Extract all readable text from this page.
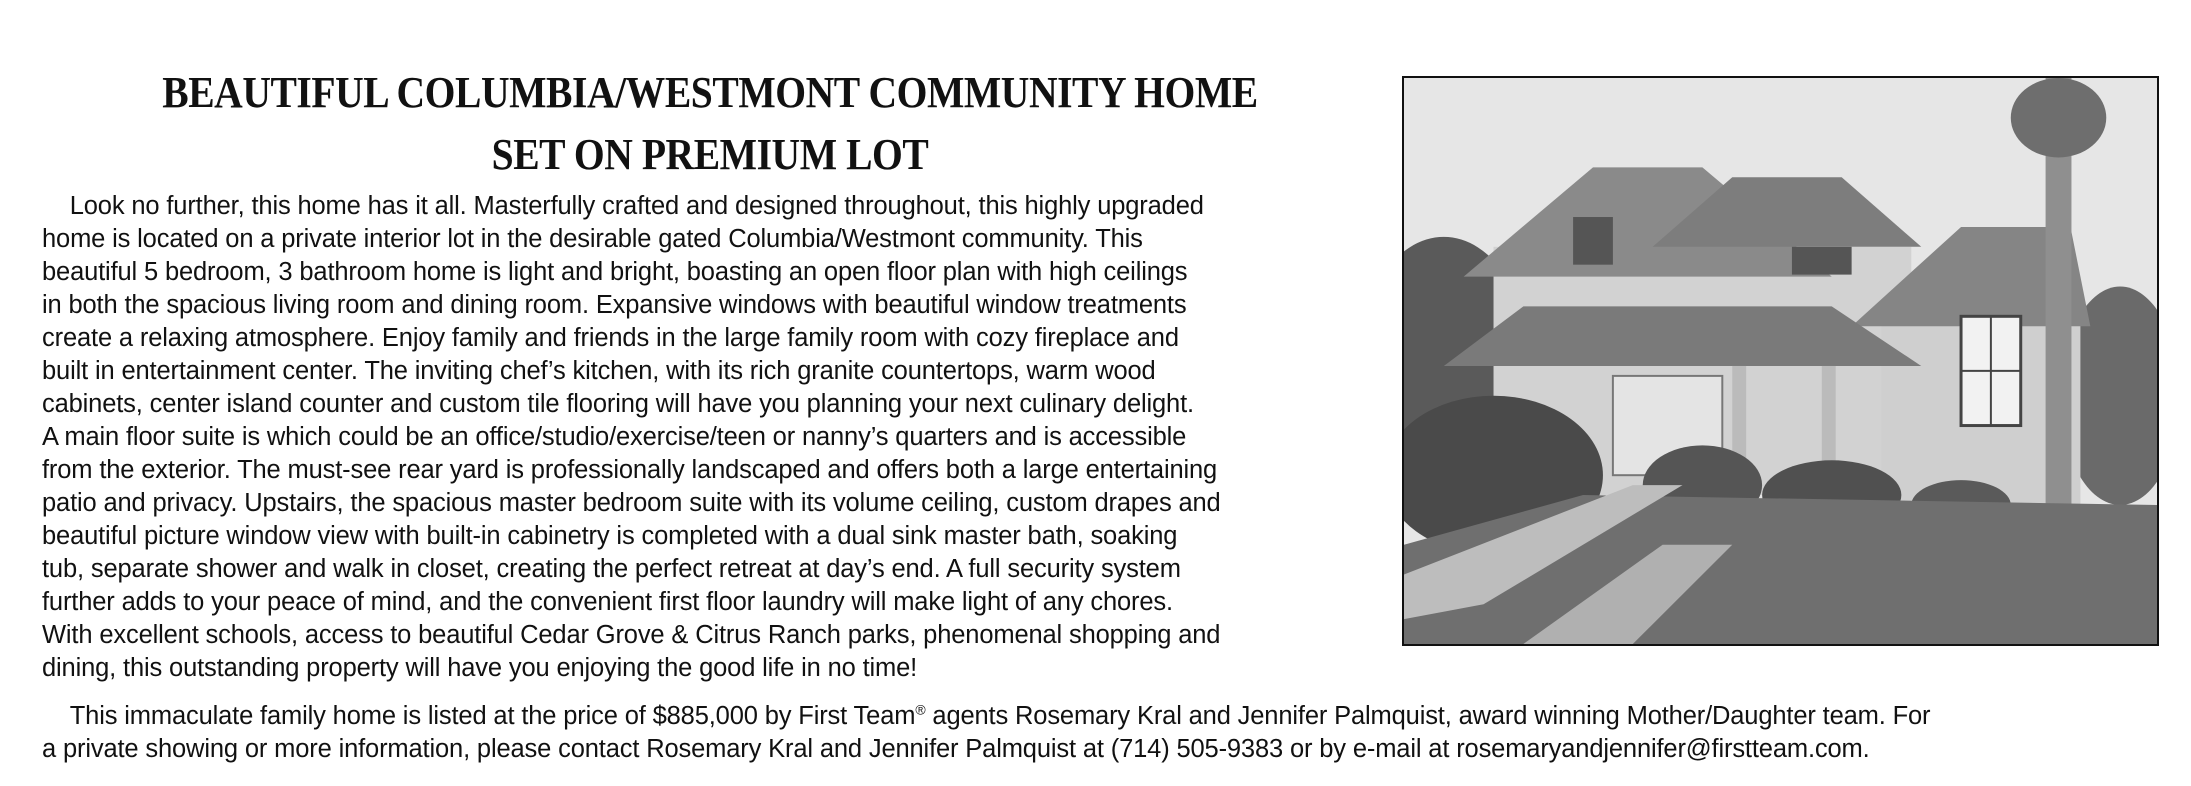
BEAUTIFUL COLUMBIA/WESTMONT COMMUNITY HOME
SET ON PREMIUM LOT
Look no further, this home has it all. Masterfully crafted and designed throughout, this highly upgraded
home is located on a private interior lot in the desirable gated Columbia/Westmont community. This
beautiful 5 bedroom, 3 bathroom home is light and bright, boasting an open floor plan with high ceilings
in both the spacious living room and dining room. Expansive windows with beautiful window treatments
create a relaxing atmosphere. Enjoy family and friends in the large family room with cozy fireplace and
built in entertainment center. The inviting chef’s kitchen, with its rich granite countertops, warm wood
cabinets, center island counter and custom tile flooring will have you planning your next culinary delight.
A main floor suite is which could be an office/studio/exercise/teen or nanny’s quarters and is accessible
from the exterior. The must-see rear yard is professionally landscaped and offers both a large entertaining
patio and privacy. Upstairs, the spacious master bedroom suite with its volume ceiling, custom drapes and
beautiful picture window view with built-in cabinetry is completed with a dual sink master bath, soaking
tub, separate shower and walk in closet, creating the perfect retreat at day’s end. A full security system
further adds to your peace of mind, and the convenient first floor laundry will make light of any chores.
With excellent schools, access to beautiful Cedar Grove & Citrus Ranch parks, phenomenal shopping and
dining, this outstanding property will have you enjoying the good life in no time!
This immaculate family home is listed at the price of $885,000 by First Team® agents Rosemary Kral and Jennifer Palmquist, award winning Mother/Daughter team. For
a private showing or more information, please contact Rosemary Kral and Jennifer Palmquist at (714) 505-9383 or by e-mail at rosemaryandjennifer@firstteam.com.
